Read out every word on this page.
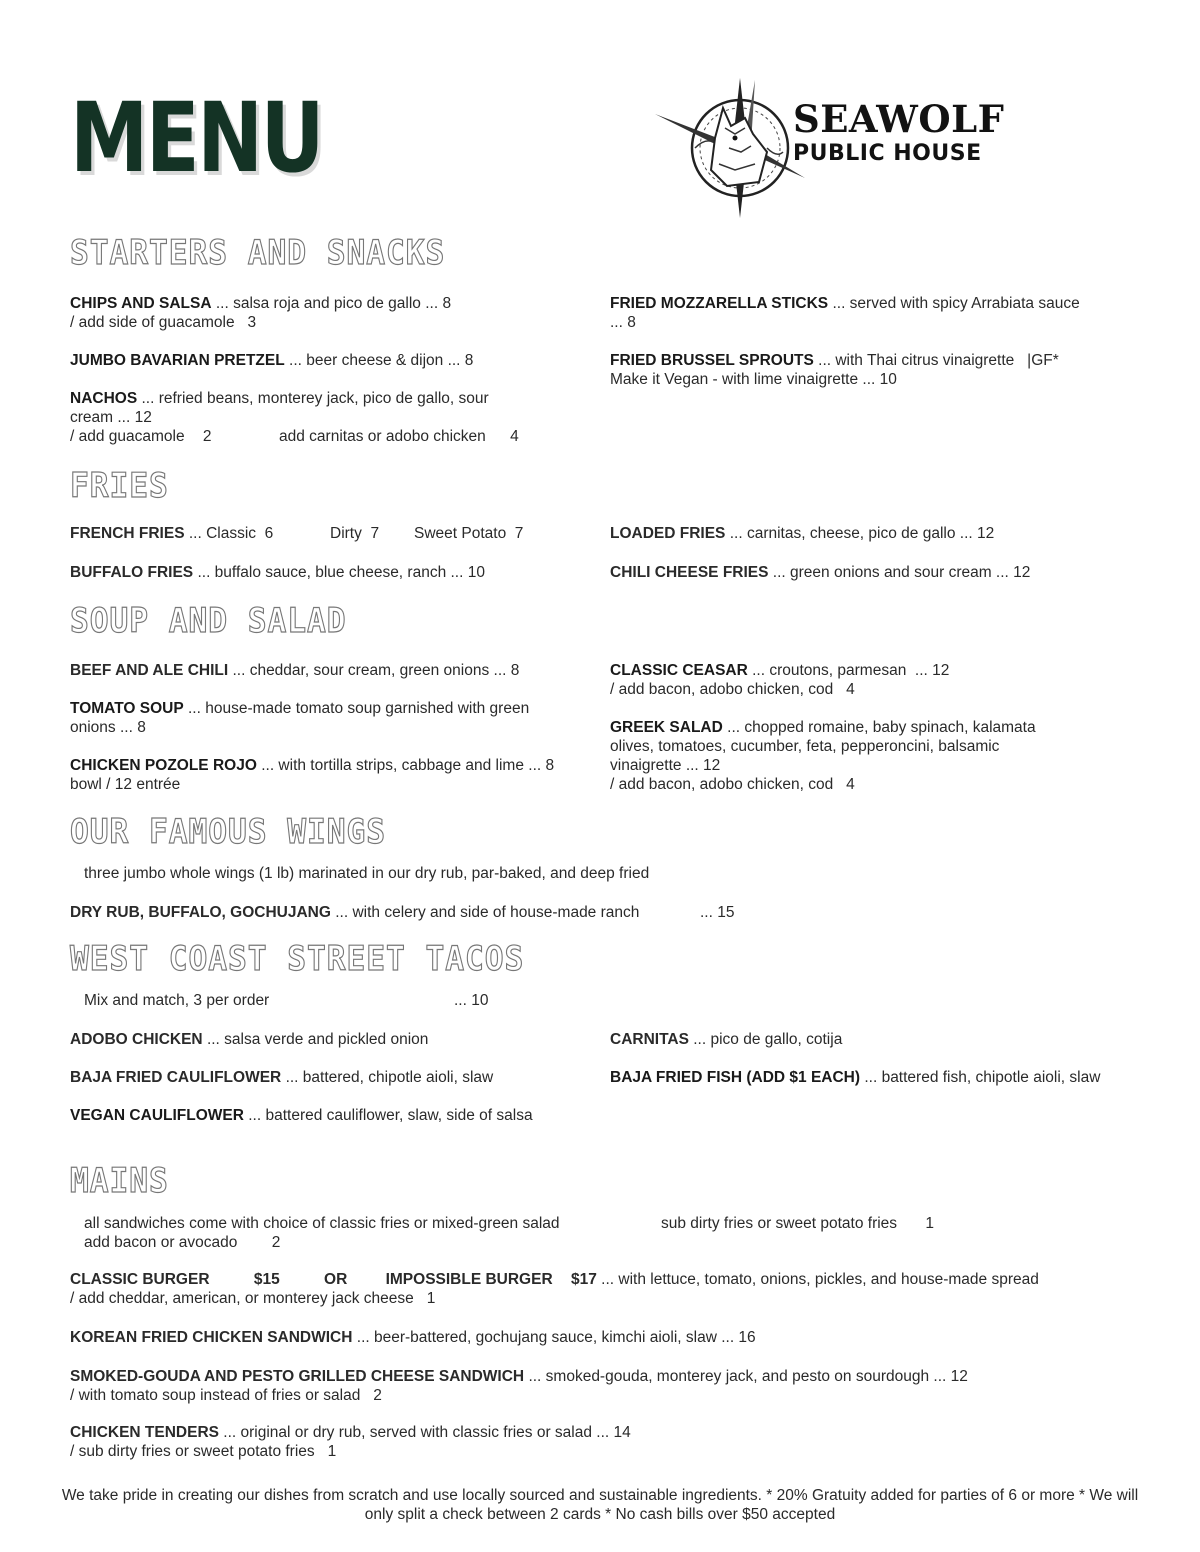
MENU	SEAWOLF
PUBLIC HOUSE
STARTERS AND SNACKS
CHIPS AND SALSA ... salsa roja and pico de gallo ... 8
/ add side of guacamole   3
JUMBO BAVARIAN PRETZEL ... beer cheese & dijon ... 8
NACHOS ... refried beans, monterey jack, pico de gallo, sour cream ... 12
/ add guacamole 2	add carnitas or adobo chicken 4
FRIED MOZZARELLA STICKS ... served with spicy Arrabiata sauce ... 8
FRIED BRUSSEL SPROUTS ... with Thai citrus vinaigrette   |GF*
Make it Vegan - with lime vinaigrette ... 10
FRIES
FRENCH FRIES ... Classic  6	Dirty  7 Sweet Potato  7
BUFFALO FRIES ... buffalo sauce, blue cheese, ranch ... 10
LOADED FRIES ... carnitas, cheese, pico de gallo ... 12
CHILI CHEESE FRIES ... green onions and sour cream ... 12
SOUP AND SALAD
BEEF AND ALE CHILI ... cheddar, sour cream, green onions ... 8
TOMATO SOUP ... house-made tomato soup garnished with green onions ... 8
CHICKEN POZOLE ROJO ... with tortilla strips, cabbage and lime ... 8 bowl / 12 entrée
CLASSIC CEASAR ... croutons, parmesan  ... 12
/ add bacon, adobo chicken, cod   4
GREEK SALAD ... chopped romaine, baby spinach, kalamata olives, tomatoes, cucumber, feta, pepperoncini, balsamic vinaigrette ... 12
/ add bacon, adobo chicken, cod   4
OUR FAMOUS WINGS
three jumbo whole wings (1 lb) marinated in our dry rub, par-baked, and deep fried
DRY RUB, BUFFALO, GOCHUJANG ... with celery and side of house-made ranch	... 15
WEST COAST STREET TACOS
Mix and match, 3 per order	... 10
ADOBO CHICKEN ... salsa verde and pickled onion
BAJA FRIED CAULIFLOWER ... battered, chipotle aioli, slaw
VEGAN CAULIFLOWER ... battered cauliflower, slaw, side of salsa
CARNITAS ... pico de gallo, cotija
BAJA FRIED FISH (ADD $1 EACH) ... battered fish, chipotle aioli, slaw
MAINS
all sandwiches come with choice of classic fries or mixed-green salad	sub dirty fries or sweet potato fries 1
add bacon or avocado 2
CLASSIC BURGER	$15	OR IMPOSSIBLE BURGER $17 ... with lettuce, tomato, onions, pickles, and house-made spread
/ add cheddar, american, or monterey jack cheese   1
KOREAN FRIED CHICKEN SANDWICH ... beer-battered, gochujang sauce, kimchi aioli, slaw ... 16
SMOKED-GOUDA AND PESTO GRILLED CHEESE SANDWICH ... smoked-gouda, monterey jack, and pesto on sourdough ... 12
/ with tomato soup instead of fries or salad   2
CHICKEN TENDERS ... original or dry rub, served with classic fries or salad ... 14
/ sub dirty fries or sweet potato fries   1
We take pride in creating our dishes from scratch and use locally sourced and sustainable ingredients. * 20% Gratuity added for parties of 6 or more * We will only split a check between 2 cards * No cash bills over $50 accepted
